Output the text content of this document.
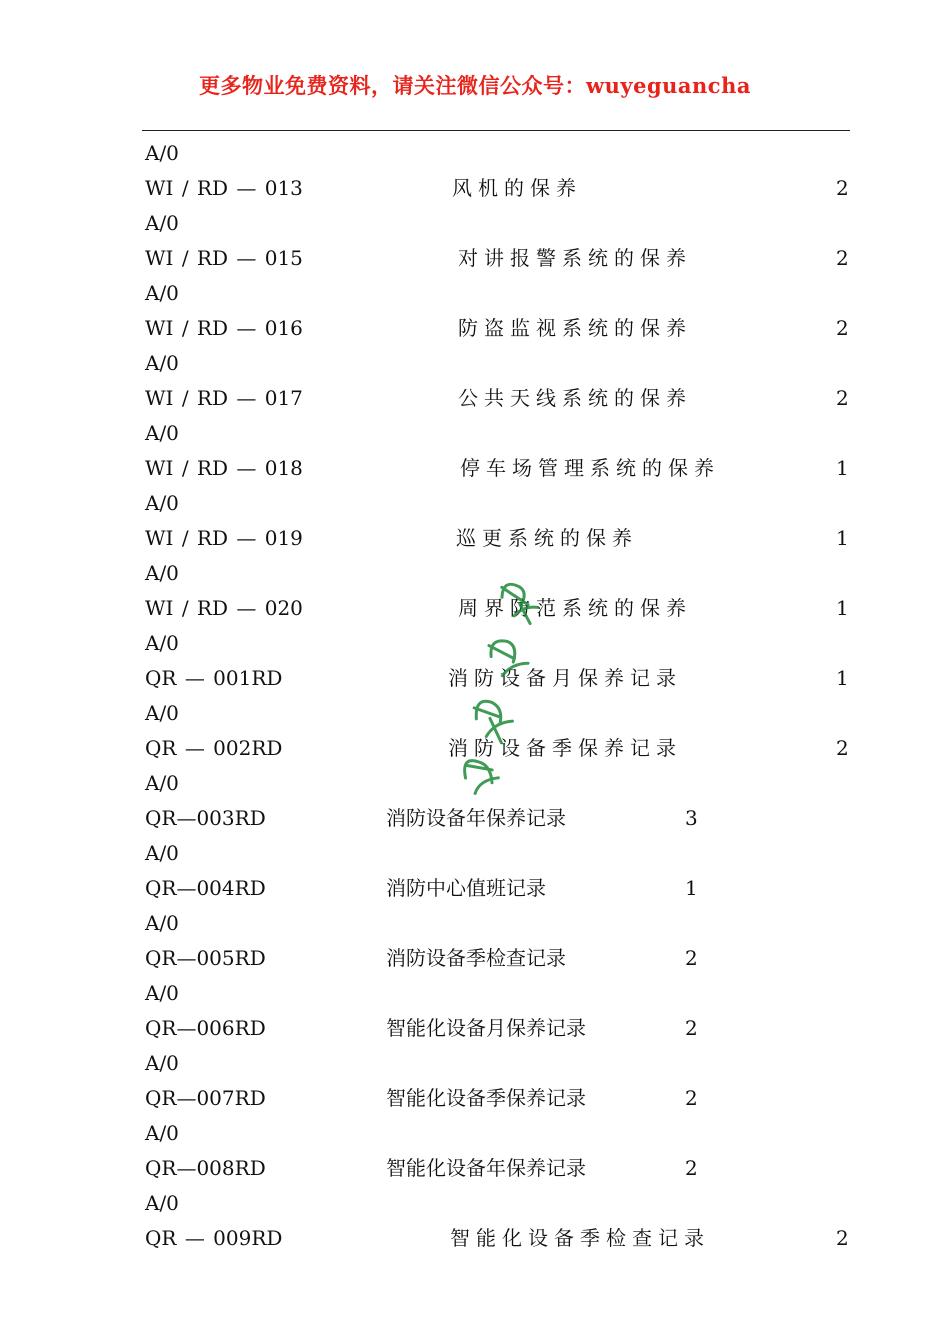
更多物业免费资料，请关注微信公众号：wuyeguancha
A/0
WI / RD — 013	风机的保养	2
A/0
WI / RD — 015	对讲报警系统的保养	2
A/0
WI / RD — 016	防盗监视系统的保养	2
A/0
WI / RD — 017	公共天线系统的保养	2
A/0
WI / RD — 018	停车场管理系统的保养	1
A/0
WI / RD — 019	巡更系统的保养	1
A/0
WI / RD — 020	周界防范系统的保养	1
A/0
QR — 001RD	消防设备月保养记录	1
A/0
QR — 002RD	消防设备季保养记录	2
A/0
QR—003RD	消防设备年保养记录	3
A/0
QR—004RD	消防中心值班记录	1
A/0
QR—005RD	消防设备季检查记录	2
A/0
QR—006RD	智能化设备月保养记录	2
A/0
QR—007RD	智能化设备季保养记录	2
A/0
QR—008RD	智能化设备年保养记录	2
A/0
QR — 009RD	智能化设备季检查记录	2
